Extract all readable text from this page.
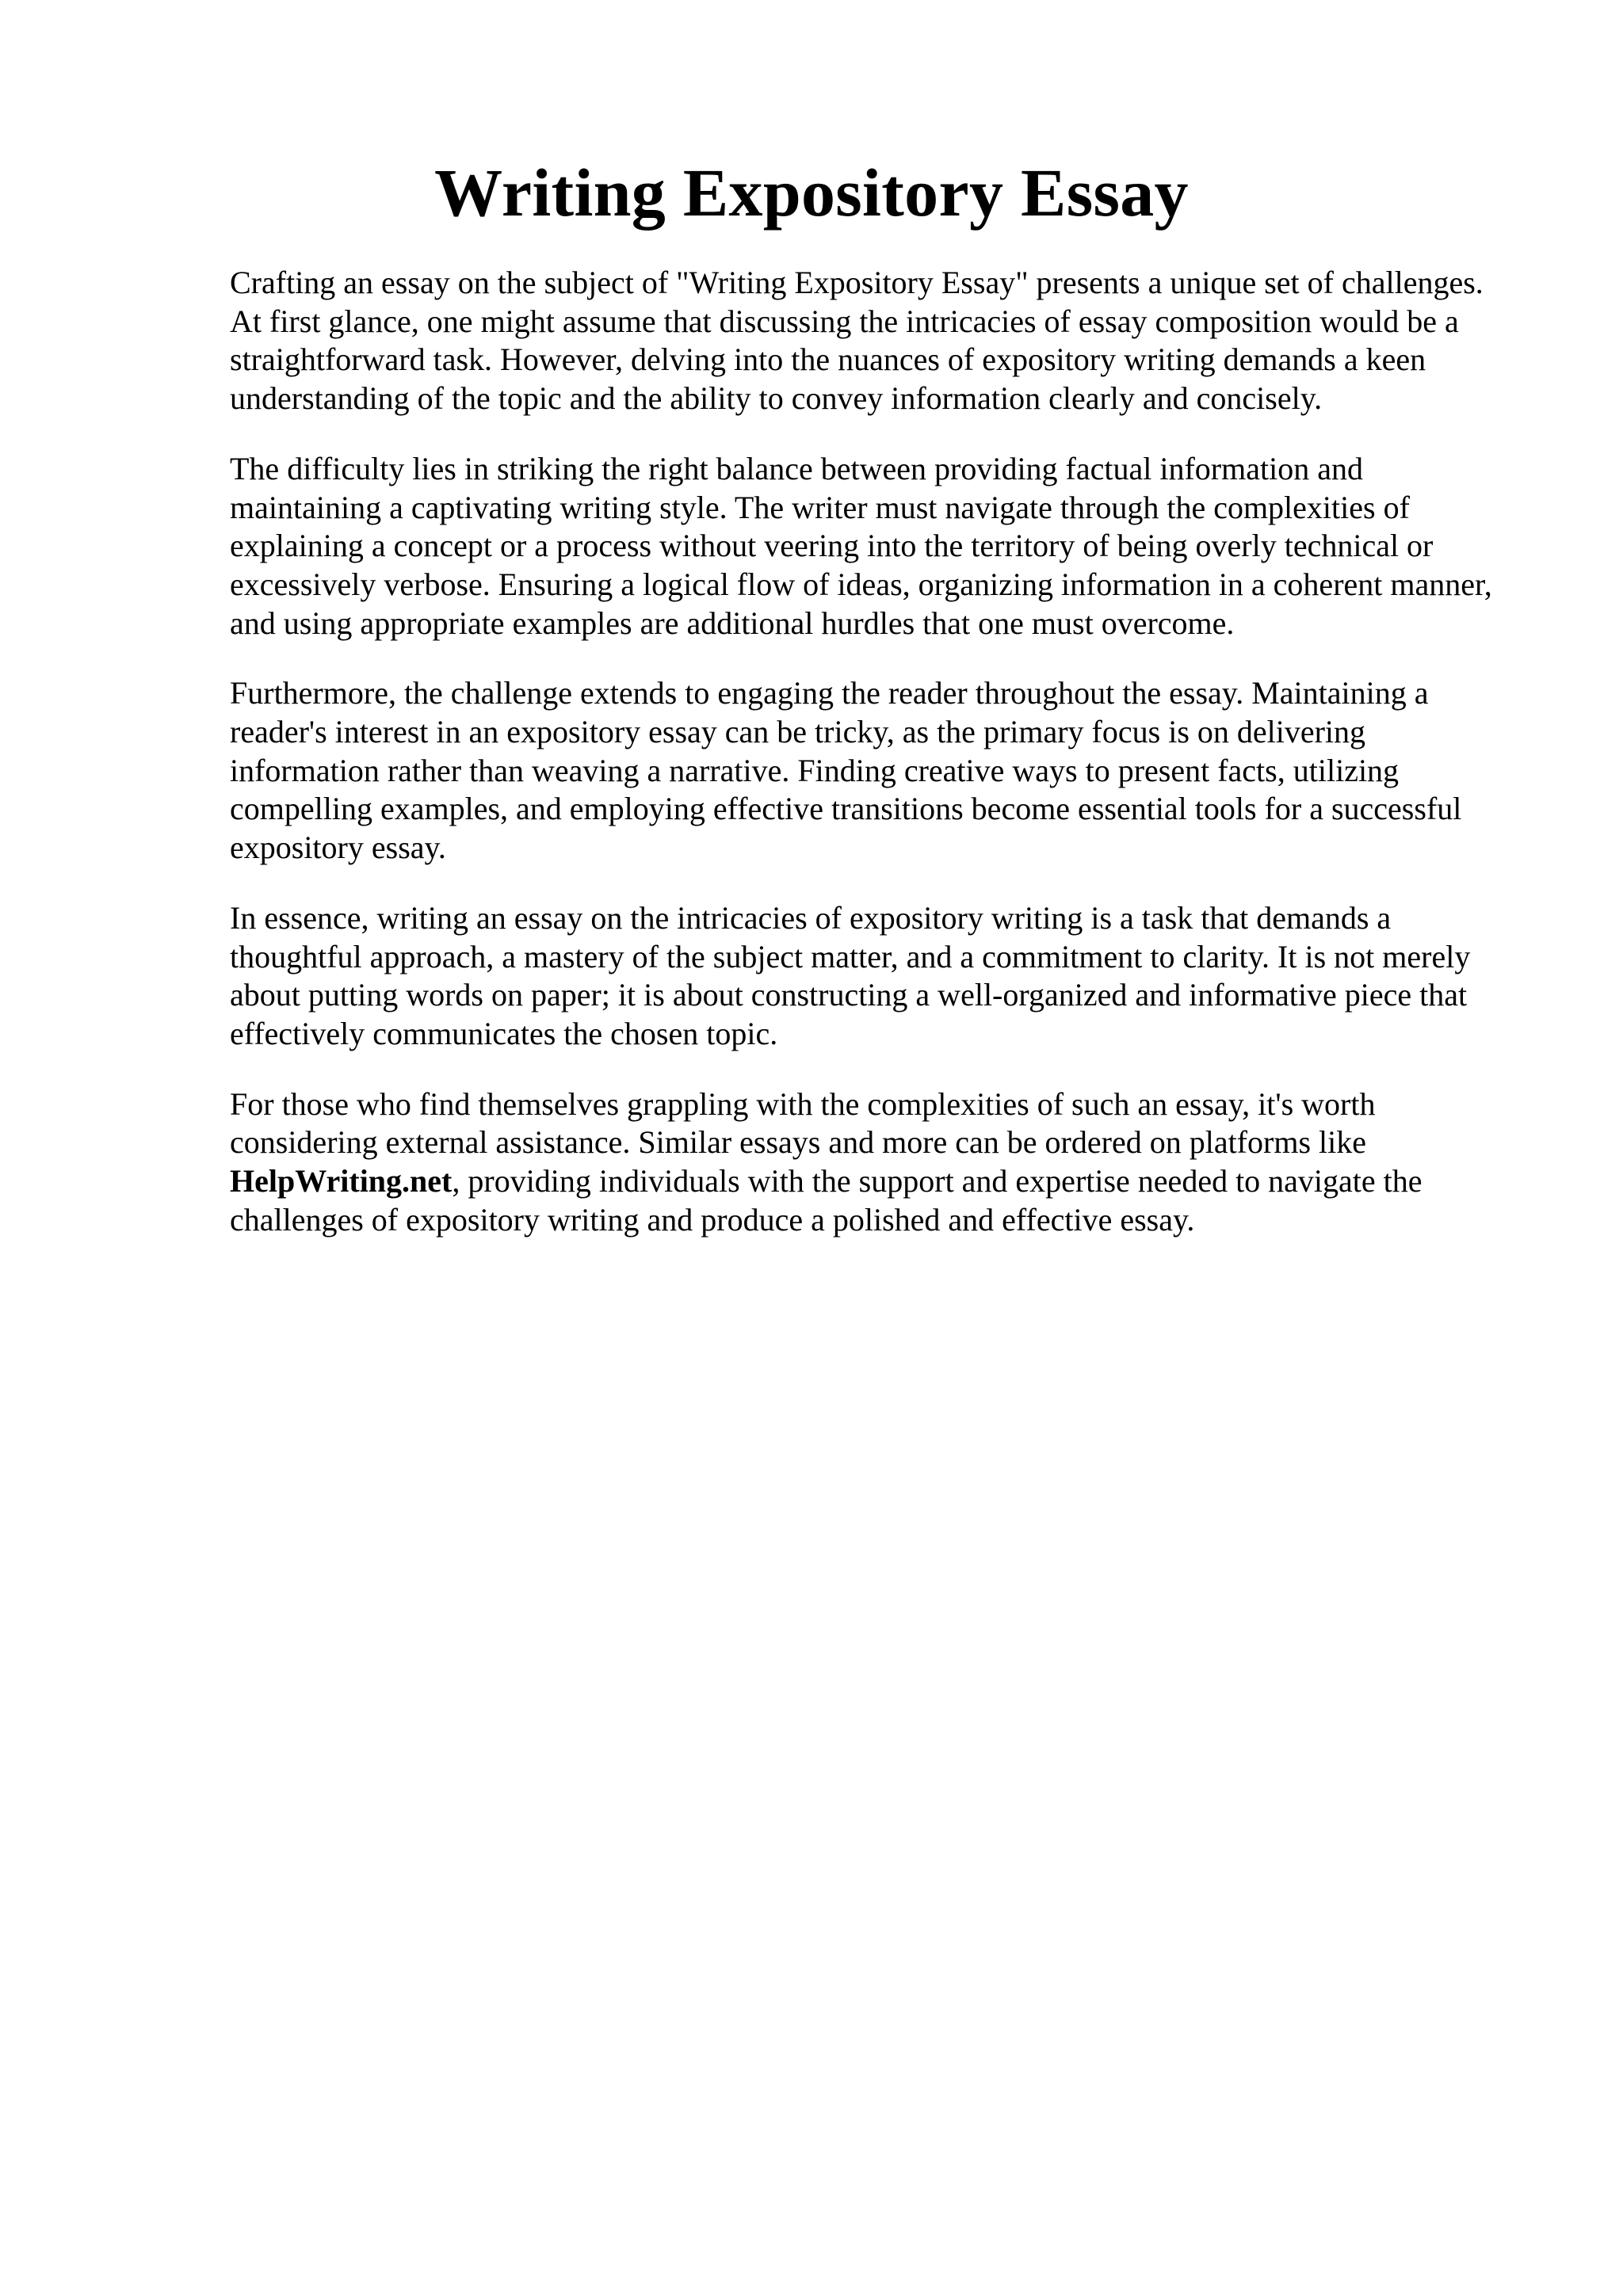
Writing Expository Essay

Crafting an essay on the subject of "Writing Expository Essay" presents a unique set of challenges. At first glance, one might assume that discussing the intricacies of essay composition would be a straightforward task. However, delving into the nuances of expository writing demands a keen understanding of the topic and the ability to convey information clearly and concisely.

The difficulty lies in striking the right balance between providing factual information and maintaining a captivating writing style. The writer must navigate through the complexities of explaining a concept or a process without veering into the territory of being overly technical or excessively verbose. Ensuring a logical flow of ideas, organizing information in a coherent manner, and using appropriate examples are additional hurdles that one must overcome.

Furthermore, the challenge extends to engaging the reader throughout the essay. Maintaining a reader's interest in an expository essay can be tricky, as the primary focus is on delivering information rather than weaving a narrative. Finding creative ways to present facts, utilizing compelling examples, and employing effective transitions become essential tools for a successful expository essay.

In essence, writing an essay on the intricacies of expository writing is a task that demands a thoughtful approach, a mastery of the subject matter, and a commitment to clarity. It is not merely about putting words on paper; it is about constructing a well-organized and informative piece that effectively communicates the chosen topic.

For those who find themselves grappling with the complexities of such an essay, it's worth considering external assistance. Similar essays and more can be ordered on platforms like HelpWriting.net, providing individuals with the support and expertise needed to navigate the challenges of expository writing and produce a polished and effective essay.
